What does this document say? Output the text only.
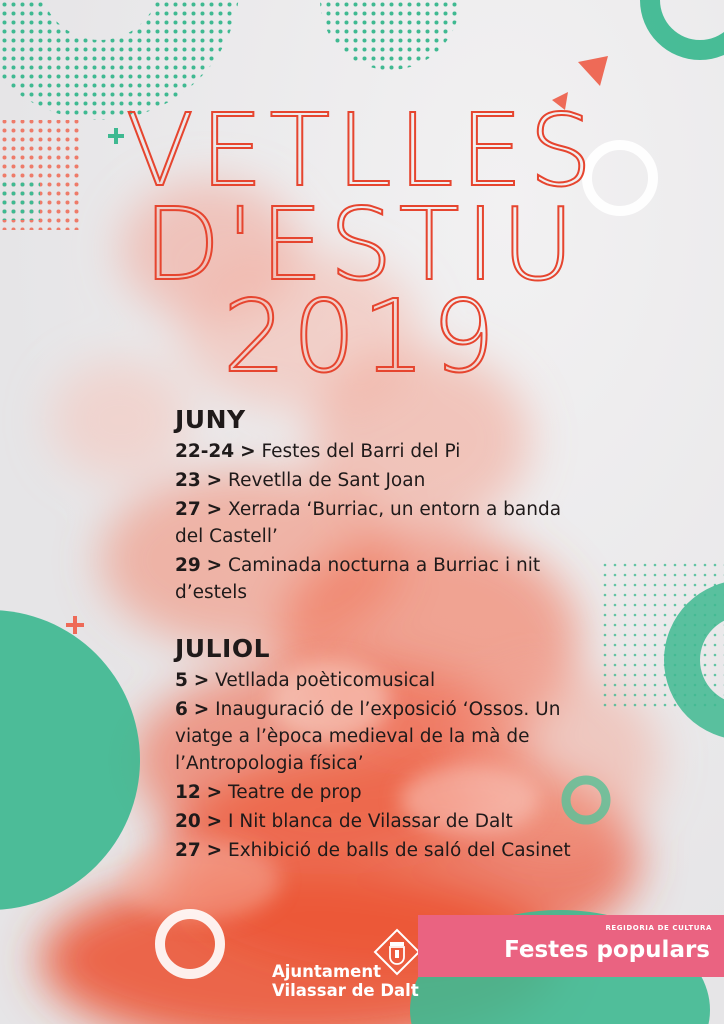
VETLLES
D'ESTIU
2019
JUNY
22-24 > Festes del Barri del Pi
23 > Revetlla de Sant Joan
27 > Xerrada ‘Burriac, un entorn a banda del Castell’
29 > Caminada nocturna a Burriac i nit d’estels
JULIOL
5 > Vetllada poèticomusical
6 > Inauguració de l’exposició ‘Ossos. Un viatge a l’època medieval de la mà de l’Antropologia física’
12 > Teatre de prop
20 > I Nit blanca de Vilassar de Dalt
27 > Exhibició de balls de saló del Casinet
Ajuntament
Vilassar de Dalt
REGIDORIA DE CULTURA
Festes populars
